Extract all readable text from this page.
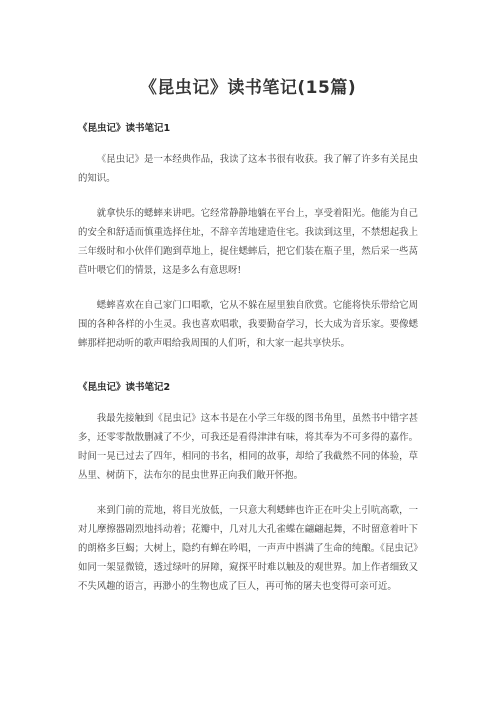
《昆虫记》读书笔记(15篇)
《昆虫记》读书笔记1

《昆虫记》是一本经典作品，我读了这本书很有收获。我了解了许多有关昆虫的知识。

就拿快乐的蟋蟀来讲吧。它经常静静地躺在平台上，享受着阳光。他能为自己的安全和舒适而慎重选择住址，不辞辛苦地建造住宅。我读到这里，不禁想起我上三年级时和小伙伴们跑到草地上，捉住蟋蟀后，把它们装在瓶子里，然后采一些莴苣叶喂它们的情景，这是多么有意思呀!

蟋蟀喜欢在自己家门口唱歌，它从不躲在屋里独自欣赏。它能将快乐带给它周围的各种各样的小生灵。我也喜欢唱歌，我要勤奋学习，长大成为音乐家。要像蟋蟀那样把动听的歌声唱给我周围的人们听，和大家一起共享快乐。

《昆虫记》读书笔记2

我最先接触到《昆虫记》这本书是在小学三年级的图书角里，虽然书中错字甚多，还零零散散删减了不少，可我还是看得津津有味，将其奉为不可多得的嘉作。时间一晃已过去了四年，相同的书名，相同的故事，却给了我截然不同的体验，草丛里、树荫下，法布尔的昆虫世界正向我们敞开怀抱。

来到门前的荒地，将目光放低，一只意大利蟋蟀也许正在叶尖上引吭高歌，一对儿摩擦器剧烈地抖动着；花瓣中，几对儿大孔雀蝶在翩翩起舞，不时留意着叶下的朗格多巨蝎；大树上，隐约有蝉在吟唱，一声声中斟满了生命的纯酿。《昆虫记》如同一架显微镜，透过绿叶的屏障，窥探平时难以触及的观世界。加上作者细致又不失风趣的语言，再渺小的生物也成了巨人，再可怖的屠夫也变得可亲可近。
